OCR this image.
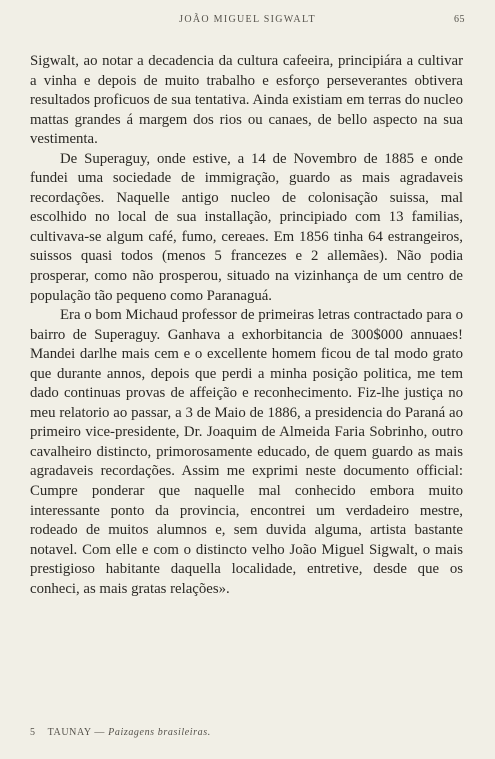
JOÃO MIGUEL SIGWALT	65

Sigwalt, ao notar a decadencia da cultura cafeeira, principiára a cultivar a vinha e depois de muito trabalho e esforço perseverantes obtivera resultados proficuos de sua tentativa. Ainda existiam em terras do nucleo mattas grandes á margem dos rios ou canaes, de bello aspecto na sua vestimenta.

De Superaguy, onde estive, a 14 de Novembro de 1885 e onde fundei uma sociedade de immigração, guardo as mais agradaveis recordações. Naquelle antigo nucleo de colonisação suissa, mal escolhido no local de sua installação, principiado com 13 familias, cultivava-se algum café, fumo, cereaes. Em 1856 tinha 64 estrangeiros, suissos quasi todos (menos 5 francezes e 2 allemães). Não podia prosperar, como não prosperou, situado na vizinhança de um centro de população tão pequeno como Paranaguá.

Era o bom Michaud professor de primeiras letras contractado para o bairro de Superaguy. Ganhava a exhorbitancia de 300$000 annuaes! Mandei darlhe mais cem e o excellente homem ficou de tal modo grato que durante annos, depois que perdi a minha posição politica, me tem dado continuas provas de affeição e reconhecimento. Fiz-lhe justiça no meu relatorio ao passar, a 3 de Maio de 1886, a presidencia do Paraná ao primeiro vice-presidente, Dr. Joaquim de Almeida Faria Sobrinho, outro cavalheiro distincto, primorosamente educado, de quem guardo as mais agradaveis recordações. Assim me exprimi neste documento official: Cumpre ponderar que naquelle mal conhecido embora muito interessante ponto da provincia, encontrei um verdadeiro mestre, rodeado de muitos alumnos e, sem duvida alguma, artista bastante notavel. Com elle e com o distincto velho João Miguel Sigwalt, o mais prestigioso habitante daquella localidade, entretive, desde que os conheci, as mais gratas relações».

5 TAUNAY — Paizagens brasileiras.
